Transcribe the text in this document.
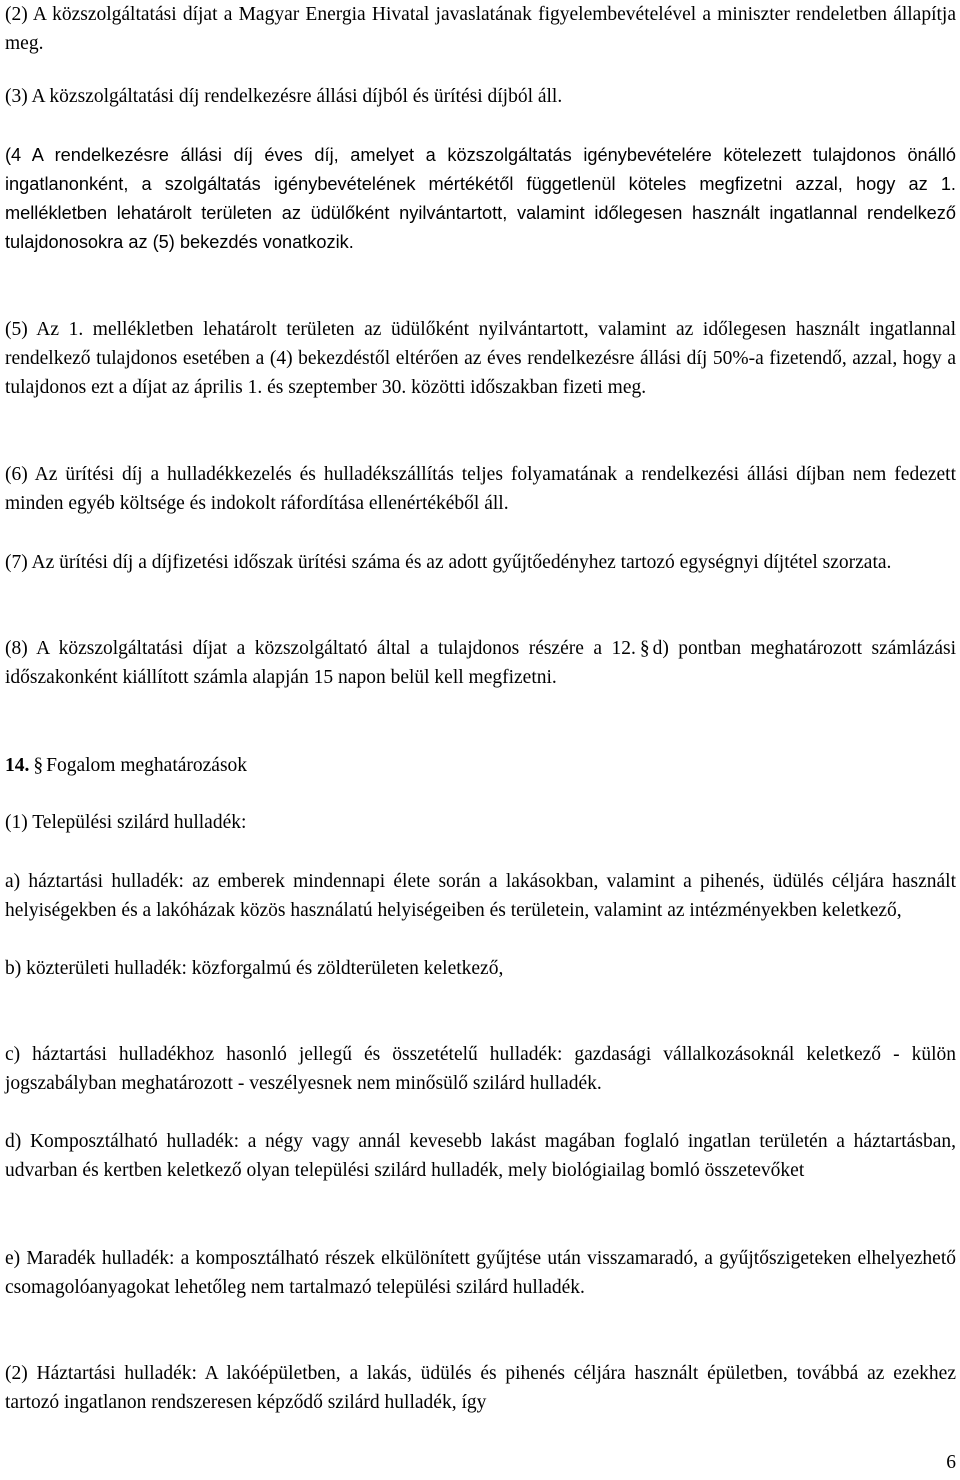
(2) A közszolgáltatási díjat a Magyar Energia Hivatal javaslatának figyelembevételével a miniszter rendeletben állapítja meg.

(3) A közszolgáltatási díj rendelkezésre állási díjból és ürítési díjból áll.

(4 A rendelkezésre állási díj éves díj, amelyet a közszolgáltatás igénybevételére kötelezett tulajdonos önálló ingatlanonként, a szolgáltatás igénybevételének mértékétől függetlenül köteles megfizetni azzal, hogy az 1. mellékletben lehatárolt területen az üdülőként nyilvántartott, valamint időlegesen használt ingatlannal rendelkező tulajdonosokra az (5) bekezdés vonatkozik.

(5) Az 1. mellékletben lehatárolt területen az üdülőként nyilvántartott, valamint az időlegesen használt ingatlannal rendelkező tulajdonos esetében a (4) bekezdéstől eltérően az éves rendelkezésre állási díj 50%-a fizetendő, azzal, hogy a tulajdonos ezt a díjat az április 1. és szeptember 30. közötti időszakban fizeti meg.

(6) Az ürítési díj a hulladékkezelés és hulladékszállítás teljes folyamatának a rendelkezési állási díjban nem fedezett minden egyéb költsége és indokolt ráfordítása ellenértékéből áll.

(7) Az ürítési díj a díjfizetési időszak ürítési száma és az adott gyűjtőedényhez tartozó egységnyi díjtétel szorzata.

(8) A közszolgáltatási díjat a közszolgáltató által a tulajdonos részére a 12. § d) pontban meghatározott számlázási időszakonként kiállított számla alapján 15 napon belül kell megfizetni.

14. § Fogalom meghatározások

(1) Települési szilárd hulladék:

a) háztartási hulladék: az emberek mindennapi élete során a lakásokban, valamint a pihenés, üdülés céljára használt helyiségekben és a lakóházak közös használatú helyiségeiben és területein, valamint az intézményekben keletkező,

b) közterületi hulladék: közforgalmú és zöldterületen keletkező,

c) háztartási hulladékhoz hasonló jellegű és összetételű hulladék: gazdasági vállalkozásoknál keletkező - külön jogszabályban meghatározott - veszélyesnek nem minősülő szilárd hulladék.

d) Komposztálható hulladék: a négy vagy annál kevesebb lakást magában foglaló ingatlan területén a háztartásban, udvarban és kertben keletkező olyan települési szilárd hulladék, mely biológiailag bomló összetevőket

e) Maradék hulladék: a komposztálható részek elkülönített gyűjtése után visszamaradó, a gyűjtőszigeteken elhelyezhető csomagolóanyagokat lehetőleg nem tartalmazó települési szilárd hulladék.

(2) Háztartási hulladék: A lakóépületben, a lakás, üdülés és pihenés céljára használt épületben, továbbá az ezekhez tartozó ingatlanon rendszeresen képződő szilárd hulladék, így

6
